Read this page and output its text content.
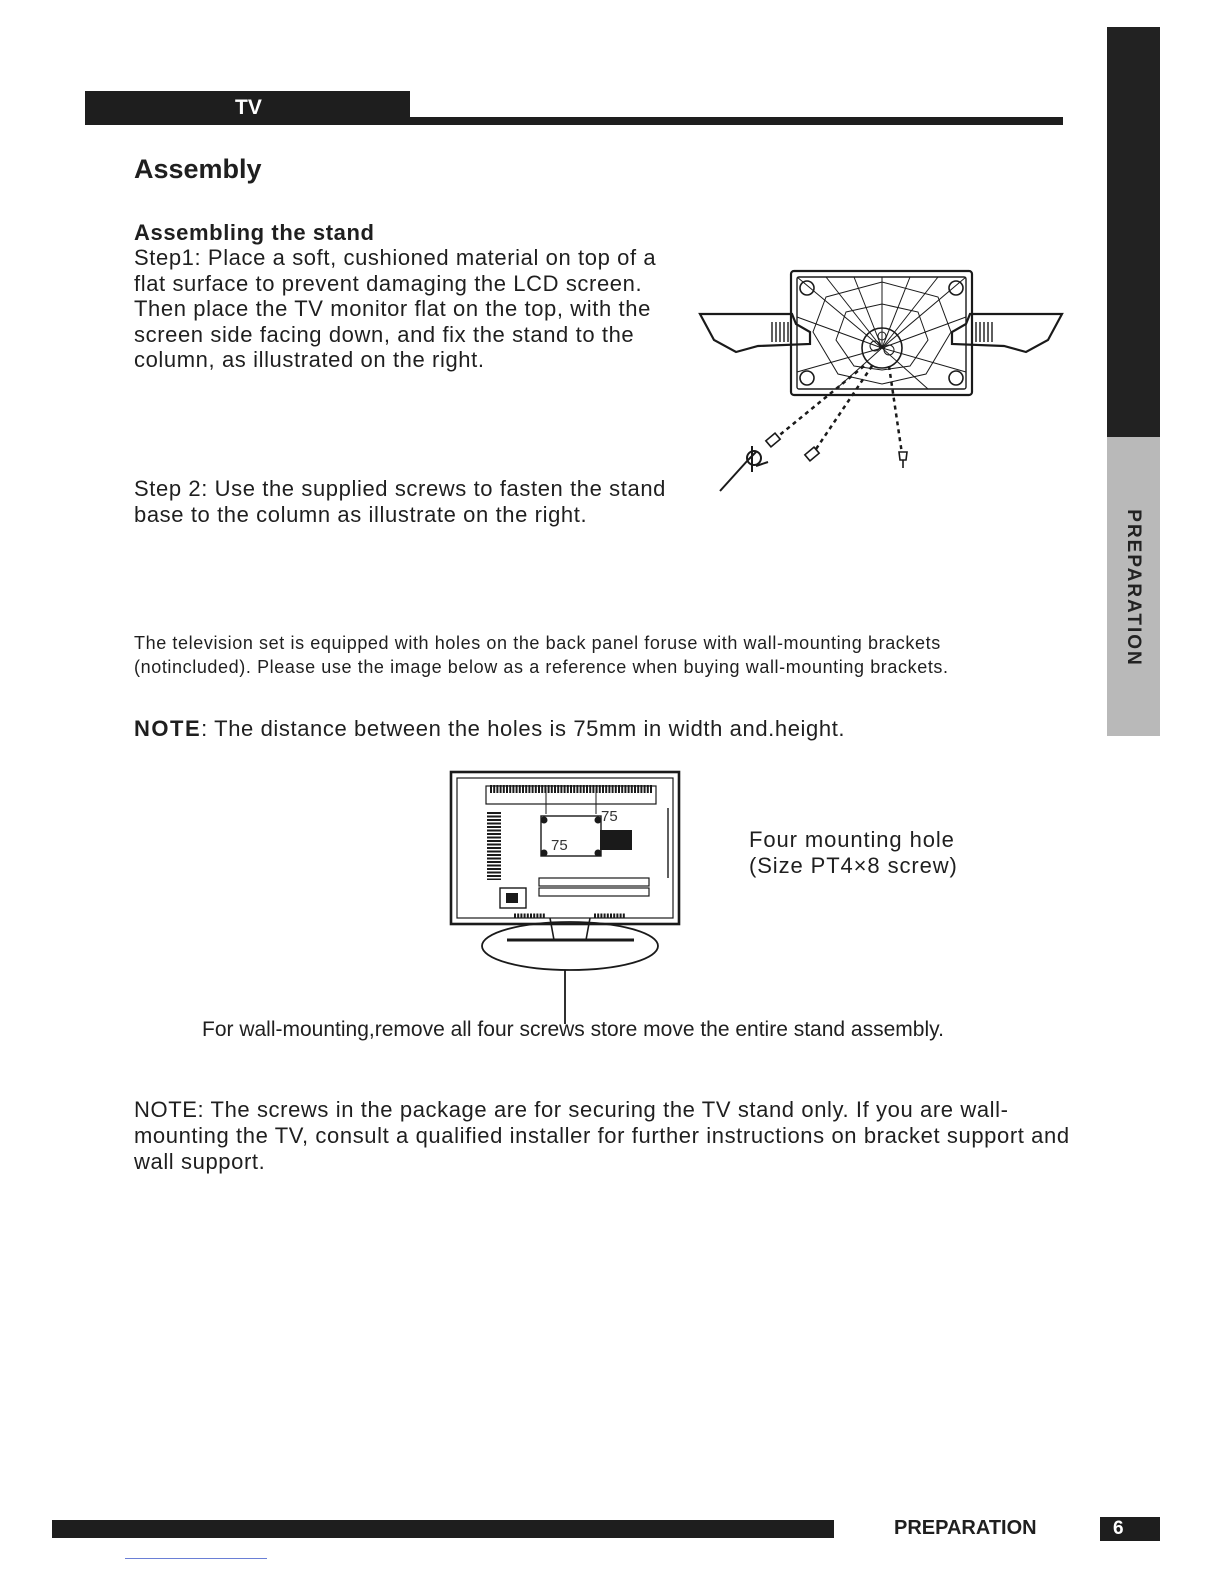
TV
PREPARATION
Assembly
Assembling the stand
Step1: Place a soft, cushioned material on top of a flat surface to prevent damaging the LCD screen. Then place the TV monitor flat on the top, with the screen side facing down, and fix the stand to the column, as illustrated on the right.
Step 2: Use the supplied screws to fasten the stand base to the column as illustrate on the right.
The television set is equipped with holes on the back panel foruse with wall-mounting brackets (notincluded). Please use the image below as a reference when buying wall-mounting brackets.
NOTE: The distance between the holes is 75mm in width and.height.
75
75	Four mounting hole
(Size PT4×8 screw)
For wall-mounting,remove all four screws store move the entire stand assembly.
NOTE: The screws in the package are for securing the TV stand only. If you are wall-mounting the TV, consult a qualified installer for further instructions on bracket support and wall support.
PREPARATION	6
